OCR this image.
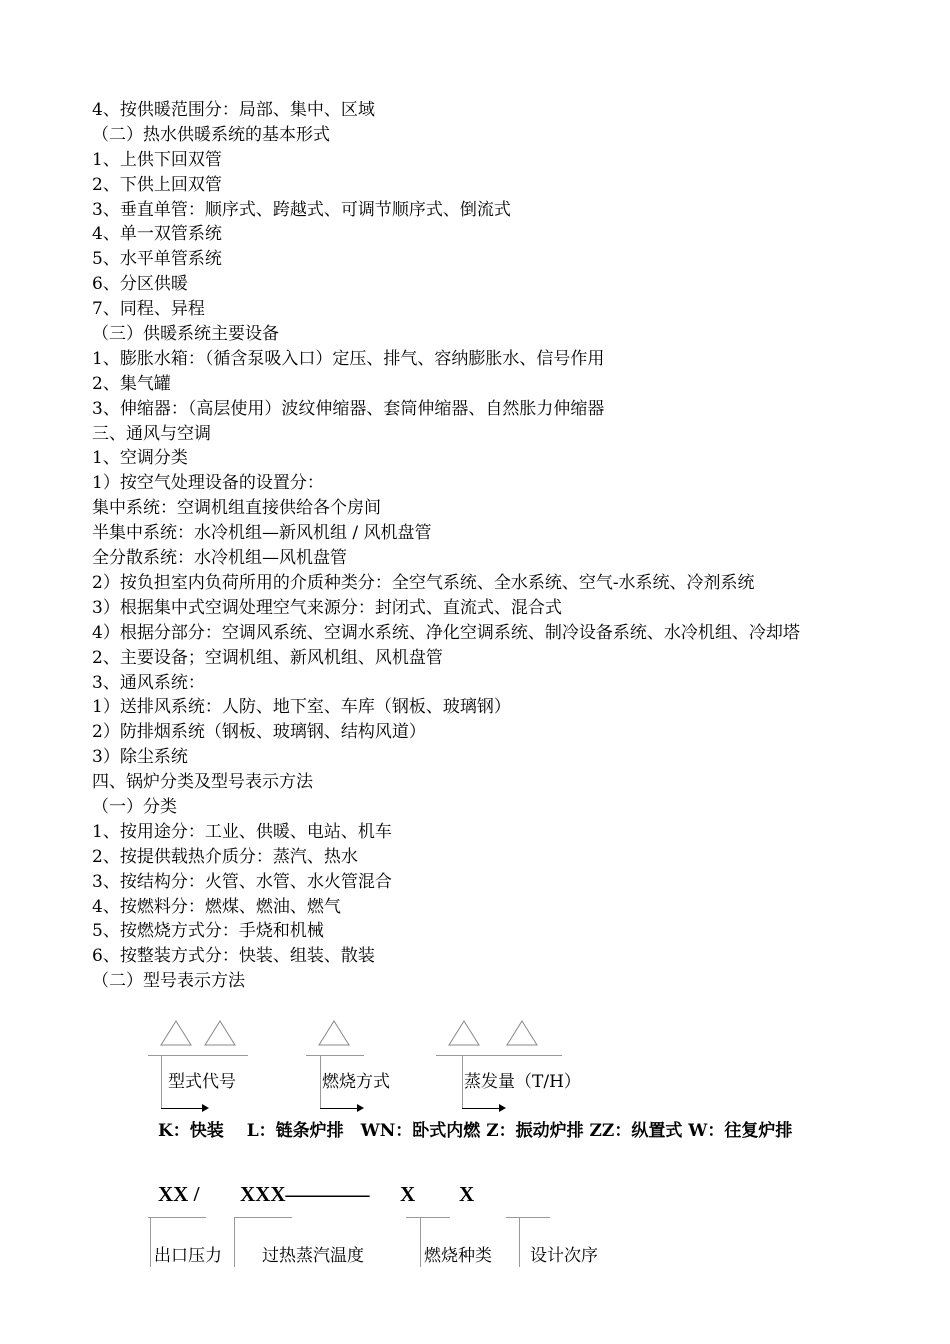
4、按供暖范围分：局部、集中、区域
（二）热水供暖系统的基本形式
1、上供下回双管
2、下供上回双管
3、垂直单管：顺序式、跨越式、可调节顺序式、倒流式
4、单一双管系统
5、水平单管系统
6、分区供暖
7、同程、异程
（三）供暖系统主要设备
1、膨胀水箱：（循含泵吸入口）定压、排气、容纳膨胀水、信号作用
2、集气罐
3、伸缩器：（高层使用）波纹伸缩器、套筒伸缩器、自然胀力伸缩器
三、通风与空调
1、空调分类
1）按空气处理设备的设置分：
集中系统：空调机组直接供给各个房间
半集中系统：水冷机组—新风机组 / 风机盘管
全分散系统：水冷机组—风机盘管
2）按负担室内负荷所用的介质种类分：全空气系统、全水系统、空气-水系统、冷剂系统
3）根据集中式空调处理空气来源分：封闭式、直流式、混合式
4）根据分部分：空调风系统、空调水系统、净化空调系统、制冷设备系统、水冷机组、冷却塔
2、主要设备；空调机组、新风机组、风机盘管
3、通风系统：
1）送排风系统：人防、地下室、车库（钢板、玻璃钢）
2）防排烟系统（钢板、玻璃钢、结构风道）
3）除尘系统
四、锅炉分类及型号表示方法
（一）分类
1、按用途分：工业、供暖、电站、机车
2、按提供载热介质分：蒸汽、热水
3、按结构分：火管、水管、水火管混合
4、按燃料分：燃煤、燃油、燃气
5、按燃烧方式分：手烧和机械
6、按整装方式分：快装、组装、散装
（二）型号表示方法
型式代号	燃烧方式	蒸发量（T/H）
K：快装　 L：链条炉排　WN：卧式内燃 Z：振动炉排 ZZ：纵置式 W：往复炉排
XX / XXX———— X X
出口压力 过热蒸汽温度	燃烧种类 设计次序
